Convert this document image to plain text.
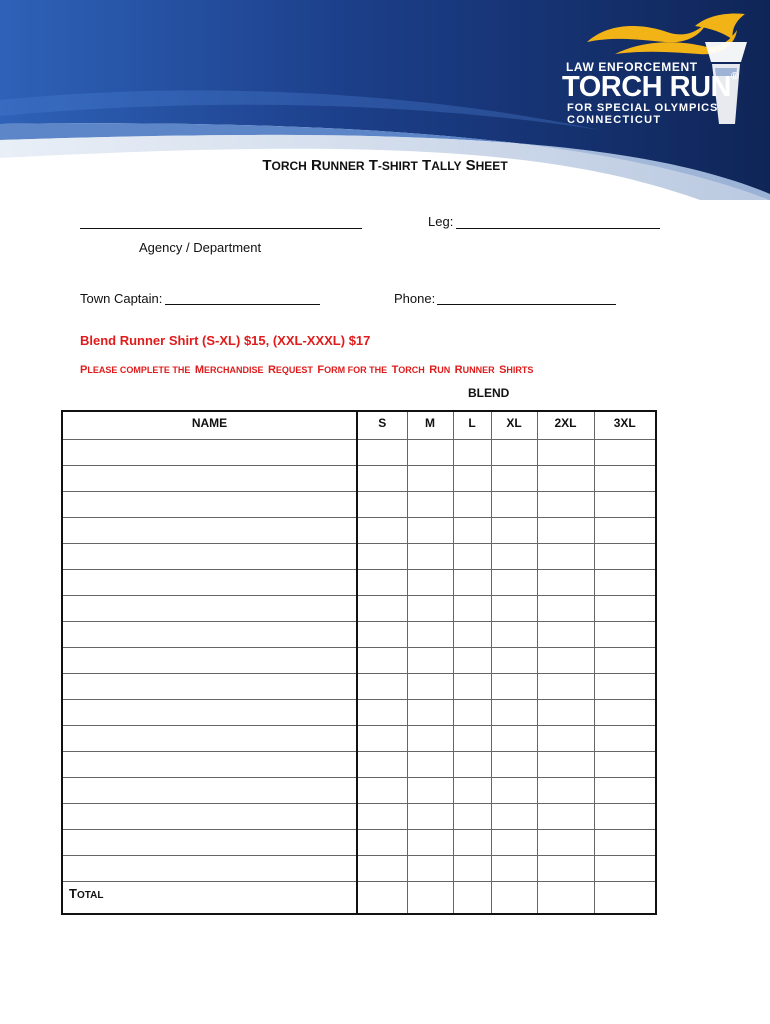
LAW ENFORCEMENT
TORCH RUN®
FOR SPECIAL OLYMPICS
CONNECTICUT
TORCH RUNNER T-SHIRT TALLY SHEET
Agency / Department
Leg:
Town Captain:	Phone:
Blend Runner Shirt (S-XL) $15, (XXL-XXXL) $17
PLEASE COMPLETE THE MERCHANDISE REQUEST FORM FOR THE TORCH RUN RUNNER SHIRTS
BLEND
NAME	S	M	L	XL	2XL	3XL

TOTAL						
